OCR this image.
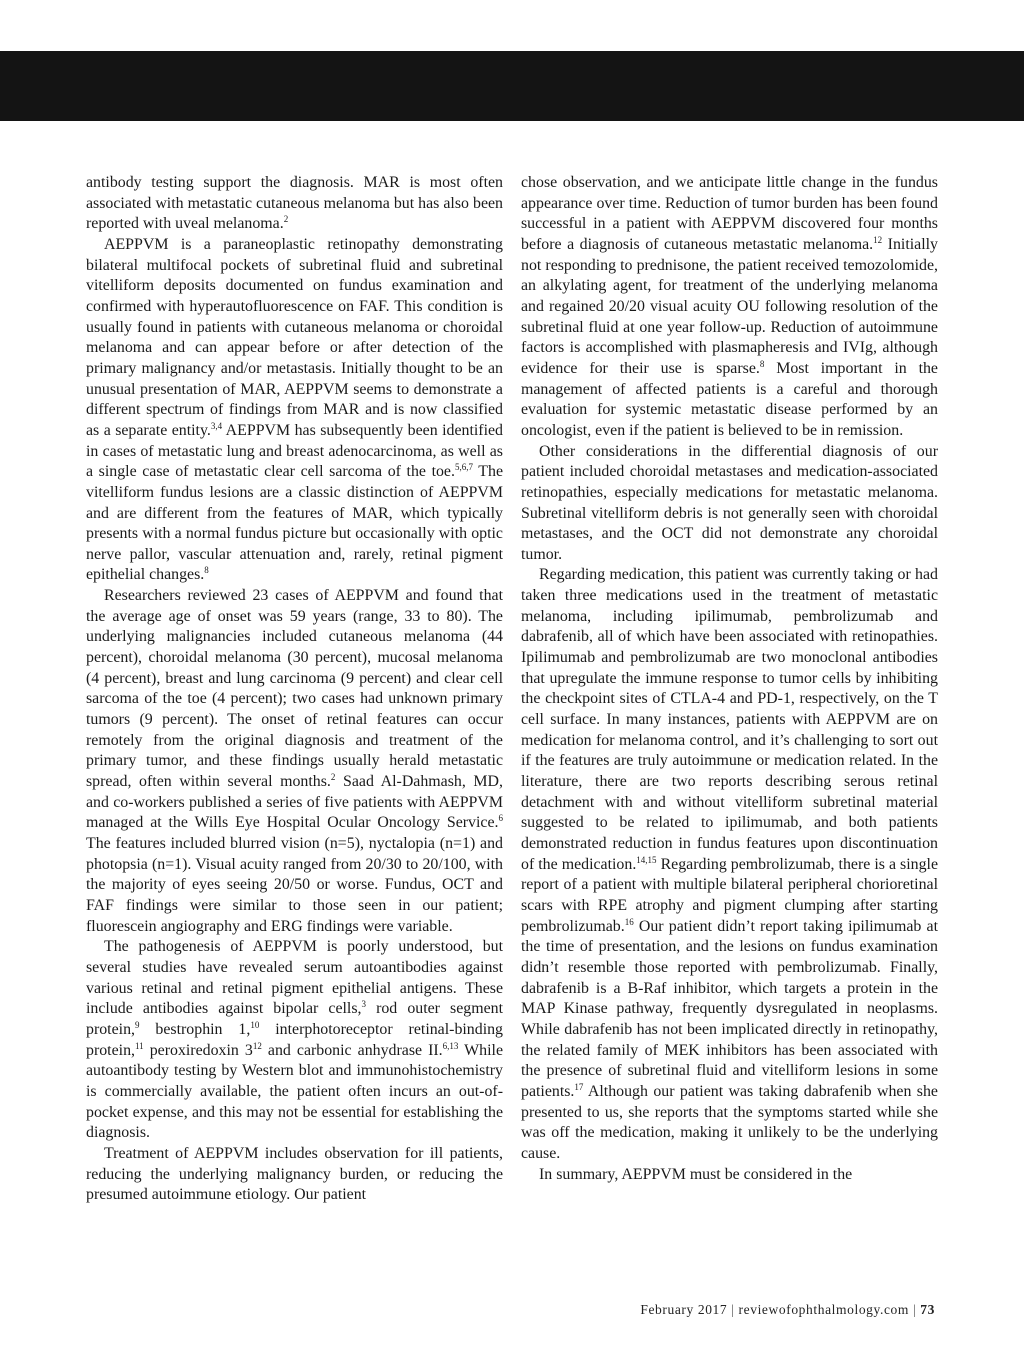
antibody testing support the diagnosis. MAR is most often associated with metastatic cutaneous melanoma but has also been reported with uveal melanoma.$^2$

AEPPVM is a paraneoplastic retinopathy demonstrating bilateral multifocal pockets of subretinal fluid and subretinal vitelliform deposits documented on fundus examination and confirmed with hyperautofluorescence on FAF. This condition is usually found in patients with cutaneous melanoma or choroidal melanoma and can appear before or after detection of the primary malignancy and/or metastasis. Initially thought to be an unusual presentation of MAR, AEPPVM seems to demonstrate a different spectrum of findings from MAR and is now classified as a separate entity.$^{3,4}$ AEPPVM has subsequently been identified in cases of metastatic lung and breast adenocarcinoma, as well as a single case of metastatic clear cell sarcoma of the toe.$^{5,6,7}$ The vitelliform fundus lesions are a classic distinction of AEPPVM and are different from the features of MAR, which typically presents with a normal fundus picture but occasionally with optic nerve pallor, vascular attenuation and, rarely, retinal pigment epithelial changes.$^8$

Researchers reviewed 23 cases of AEPPVM and found that the average age of onset was 59 years (range, 33 to 80). The underlying malignancies included cutaneous melanoma (44 percent), choroidal melanoma (30 percent), mucosal melanoma (4 percent), breast and lung carcinoma (9 percent) and clear cell sarcoma of the toe (4 percent); two cases had unknown primary tumors (9 percent). The onset of retinal features can occur remotely from the original diagnosis and treatment of the primary tumor, and these findings usually herald metastatic spread, often within several months.$^2$ Saad Al-Dahmash, MD, and co-workers published a series of five patients with AEPPVM managed at the Wills Eye Hospital Ocular Oncology Service.$^6$ The features included blurred vision (n=5), nyctalopia (n=1) and photopsia (n=1). Visual acuity ranged from 20/30 to 20/100, with the majority of eyes seeing 20/50 or worse. Fundus, OCT and FAF findings were similar to those seen in our patient; fluorescein angiography and ERG findings were variable.

The pathogenesis of AEPPVM is poorly understood, but several studies have revealed serum autoantibodies against various retinal and retinal pigment epithelial antigens. These include antibodies against bipolar cells,$^3$ rod outer segment protein,$^9$ bestrophin 1,10 interphotoreceptor retinal-binding protein,$^{11}$ peroxiredoxin $3^{12}$ and carbonic anhydrase II.$^{6,13}$ While autoantibody testing by Western blot and immunohistochemistry is commercially available, the patient often incurs an out-of-pocket expense, and this may not be essential for establishing the diagnosis.

Treatment of AEPPVM includes observation for ill patients, reducing the underlying malignancy burden, or reducing the presumed autoimmune etiology. Our patient

chose observation, and we anticipate little change in the fundus appearance over time. Reduction of tumor burden has been found successful in a patient with AEPPVM discovered four months before a diagnosis of cutaneous metastatic melanoma.$^{12}$ Initially not responding to prednisone, the patient received temozolomide, an alkylating agent, for treatment of the underlying melanoma and regained 20/20 visual acuity OU following resolution of the subretinal fluid at one year follow-up. Reduction of autoimmune factors is accomplished with plasmapheresis and IVIg, although evidence for their use is sparse.$^8$ Most important in the management of affected patients is a careful and thorough evaluation for systemic metastatic disease performed by an oncologist, even if the patient is believed to be in remission.

Other considerations in the differential diagnosis of our patient included choroidal metastases and medication-associated retinopathies, especially medications for metastatic melanoma. Subretinal vitelliform debris is not generally seen with choroidal metastases, and the OCT did not demonstrate any choroidal tumor.

Regarding medication, this patient was currently taking or had taken three medications used in the treatment of metastatic melanoma, including ipilimumab, pembrolizumab and dabrafenib, all of which have been associated with retinopathies. Ipilimumab and pembrolizumab are two monoclonal antibodies that upregulate the immune response to tumor cells by inhibiting the checkpoint sites of CTLA-4 and PD-1, respectively, on the T cell surface. In many instances, patients with AEPPVM are on medication for melanoma control, and it’s challenging to sort out if the features are truly autoimmune or medication related. In the literature, there are two reports describing serous retinal detachment with and without vitelliform subretinal material suggested to be related to ipilimumab, and both patients demonstrated reduction in fundus features upon discontinuation of the medication.$^{14,15}$ Regarding pembrolizumab, there is a single report of a patient with multiple bilateral peripheral chorioretinal scars with RPE atrophy and pigment clumping after starting pembrolizumab.$^{16}$ Our patient didn’t report taking ipilimumab at the time of presentation, and the lesions on fundus examination didn’t resemble those reported with pembrolizumab. Finally, dabrafenib is a B-Raf inhibitor, which targets a protein in the MAP Kinase pathway, frequently dysregulated in neoplasms. While dabrafenib has not been implicated directly in retinopathy, the related family of MEK inhibitors has been associated with the presence of subretinal fluid and vitelliform lesions in some patients.$^{17}$ Although our patient was taking dabrafenib when she presented to us, she reports that the symptoms started while she was off the medication, making it unlikely to be the underlying cause.

In summary, AEPPVM must be considered in the

February 2017 | reviewofophthalmology.com | 73
